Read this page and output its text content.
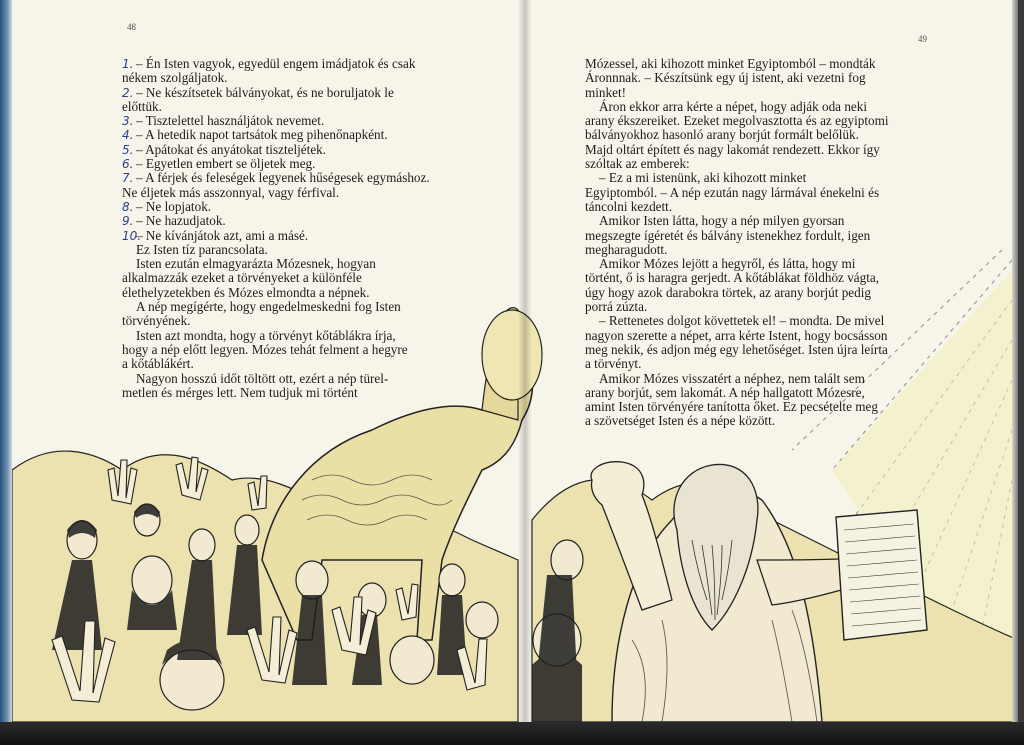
48

1. – Én Isten vagyok, egyedül engem imádjatok és csak

nékem szolgáljatok.

2. – Ne készítsetek bálványokat, és ne boruljatok le

előttük.

3. – Tisztelettel használjátok nevemet.

4. – A hetedik napot tartsátok meg pihenőnapként.

5. – Apátokat és anyátokat tiszteljétek.

6. – Egyetlen embert se öljetek meg.

7. – A férjek és feleségek legyenek hűségesek egymáshoz.

Ne éljetek más asszonnyal, vagy férfival.

8. – Ne lopjatok.

9. – Ne hazudjatok.

10.– Ne kívánjátok azt, ami a másé.

Ez Isten tíz parancsolata.

Isten ezután elmagyarázta Mózesnek, hogyan

alkalmazzák ezeket a törvényeket a különféle

élethelyzetekben és Mózes elmondta a népnek.

A nép megígérte, hogy engedelmeskedni fog Isten

törvényének.

Isten azt mondta, hogy a törvényt kőtáblákra írja,

hogy a nép előtt legyen. Mózes tehát felment a hegyre

a kőtáblákért.

Nagyon hosszú időt töltött ott, ezért a nép türel-

metlen és mérges lett. Nem tudjuk mi történt

49

Mózessel, aki kihozott minket Egyiptomból – mondták

Áronnnak. – Készítsünk egy új istent, aki vezetni fog

minket!

Áron ekkor arra kérte a népet, hogy adják oda neki

arany ékszereiket. Ezeket megolvasztotta és az egyiptomi

bálványokhoz hasonló arany borjút formált belőlük.

Majd oltárt épített és nagy lakomát rendezett. Ekkor így

szóltak az emberek:

– Ez a mi istenünk, aki kihozott minket

Egyiptomból. – A nép ezután nagy lármával énekelni és

táncolni kezdett.

Amikor Isten látta, hogy a nép milyen gyorsan

megszegte ígéretét és bálvány istenekhez fordult, igen

megharagudott.

Amikor Mózes lejött a hegyről, és látta, hogy mi

történt, ő is haragra gerjedt. A kőtáblákat földhöz vágta,

úgy hogy azok darabokra törtek, az arany borjút pedig

porrá zúzta.

– Rettenetes dolgot követtetek el! – mondta. De mivel

nagyon szerette a népet, arra kérte Istent, hogy bocsásson

meg nekik, és adjon még egy lehetőséget. Isten újra leírta

a törvényt.

Amikor Mózes visszatért a néphez, nem talált sem

arany borjút, sem lakomát. A nép hallgatott Mózesre,

amint Isten törvényére tanította őket. Ez pecsételte meg

a szövetséget Isten és a népe között.
